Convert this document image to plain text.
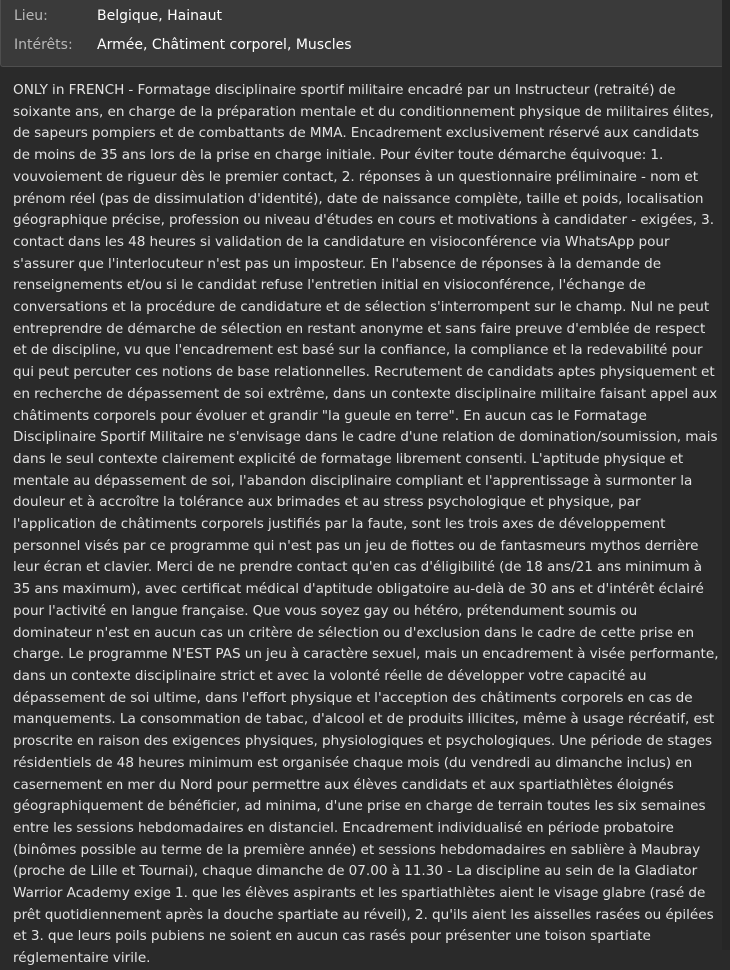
Lieu:	Belgique, Hainaut
Intérêts: Armée, Châtiment corporel, Muscles

ONLY in FRENCH - Formatage disciplinaire sportif militaire encadré par un Instructeur (retraité) de soixante ans, en charge de la préparation mentale et du conditionnement physique de militaires élites, de sapeurs pompiers et de combattants de MMA. Encadrement exclusivement réservé aux candidats de moins de 35 ans lors de la prise en charge initiale. Pour éviter toute démarche équivoque: 1. vouvoiement de rigueur dès le premier contact, 2. réponses à un questionnaire préliminaire - nom et prénom réel (pas de dissimulation d'identité), date de naissance complète, taille et poids, localisation géographique précise, profession ou niveau d'études en cours et motivations à candidater - exigées, 3. contact dans les 48 heures si validation de la candidature en visioconférence via WhatsApp pour s'assurer que l'interlocuteur n'est pas un imposteur. En l'absence de réponses à la demande de renseignements et/ou si le candidat refuse l'entretien initial en visioconférence, l'échange de conversations et la procédure de candidature et de sélection s'interrompent sur le champ. Nul ne peut entreprendre de démarche de sélection en restant anonyme et sans faire preuve d'emblée de respect et de discipline, vu que l'encadrement est basé sur la confiance, la compliance et la redevabilité pour qui peut percuter ces notions de base relationnelles. Recrutement de candidats aptes physiquement et en recherche de dépassement de soi extrême, dans un contexte disciplinaire militaire faisant appel aux châtiments corporels pour évoluer et grandir "la gueule en terre". En aucun cas le Formatage Disciplinaire Sportif Militaire ne s'envisage dans le cadre d'une relation de domination/soumission, mais dans le seul contexte clairement explicité de formatage librement consenti. L'aptitude physique et mentale au dépassement de soi, l'abandon disciplinaire compliant et l'apprentissage à surmonter la douleur et à accroître la tolérance aux brimades et au stress psychologique et physique, par l'application de châtiments corporels justifiés par la faute, sont les trois axes de développement personnel visés par ce programme qui n'est pas un jeu de fiottes ou de fantasmeurs mythos derrière leur écran et clavier. Merci de ne prendre contact qu'en cas d'éligibilité (de 18 ans/21 ans minimum à 35 ans maximum), avec certificat médical d'aptitude obligatoire au-delà de 30 ans et d'intérêt éclairé pour l'activité en langue française. Que vous soyez gay ou hétéro, prétendument soumis ou dominateur n'est en aucun cas un critère de sélection ou d'exclusion dans le cadre de cette prise en charge. Le programme N'EST PAS un jeu à caractère sexuel, mais un encadrement à visée performante, dans un contexte disciplinaire strict et avec la volonté réelle de développer votre capacité au dépassement de soi ultime, dans l'effort physique et l'acception des châtiments corporels en cas de manquements. La consommation de tabac, d'alcool et de produits illicites, même à usage récréatif, est proscrite en raison des exigences physiques, physiologiques et psychologiques. Une période de stages résidentiels de 48 heures minimum est organisée chaque mois (du vendredi au dimanche inclus) en casernement en mer du Nord pour permettre aux élèves candidats et aux spartiathlètes éloignés géographiquement de bénéficier, ad minima, d'une prise en charge de terrain toutes les six semaines entre les sessions hebdomadaires en distanciel. Encadrement individualisé en période probatoire (binômes possible au terme de la première année) et sessions hebdomadaires en sablière à Maubray (proche de Lille et Tournai), chaque dimanche de 07.00 à 11.30 - La discipline au sein de la Gladiator Warrior Academy exige 1. que les élèves aspirants et les spartiathlètes aient le visage glabre (rasé de prêt quotidiennement après la douche spartiate au réveil), 2. qu'ils aient les aisselles rasées ou épilées et 3. que leurs poils pubiens ne soient en aucun cas rasés pour présenter une toison spartiate réglementaire virile.
